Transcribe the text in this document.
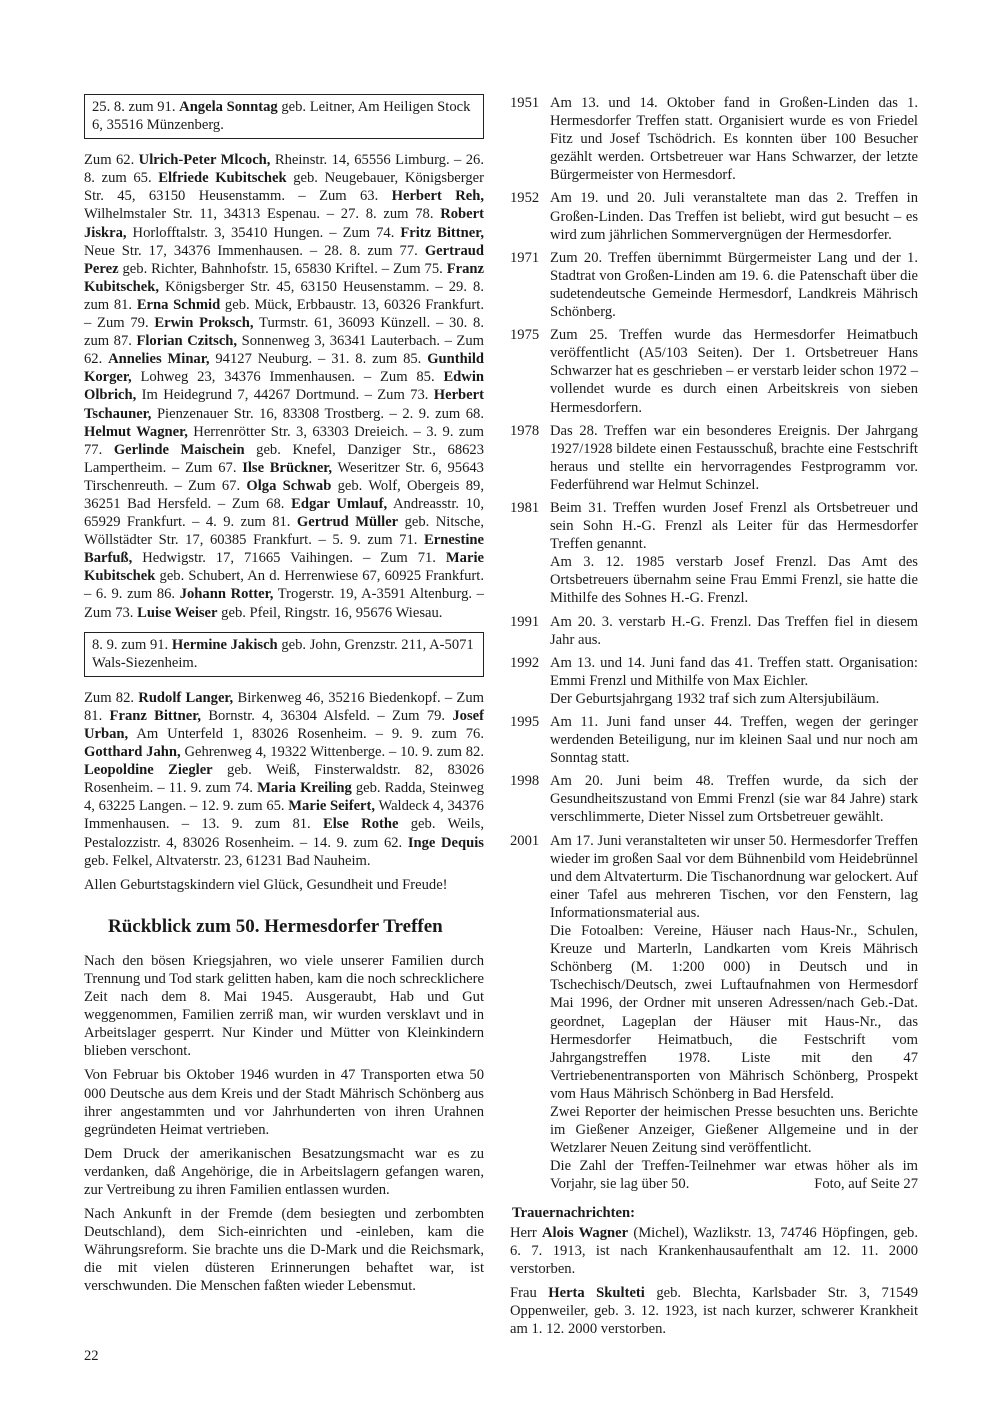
25. 8. zum 91. Angela Sonntag geb. Leitner, Am Heiligen Stock 6, 35516 Münzenberg.

Zum 62. Ulrich-Peter Mlcoch, Rheinstr. 14, 65556 Limburg. – 26. 8. zum 65. Elfriede Kubitschek geb. Neugebauer, Königsberger Str. 45, 63150 Heusenstamm. – Zum 63. Herbert Reh, Wilhelmstaler Str. 11, 34313 Espenau. – 27. 8. zum 78. Robert Jiskra, Horlofftalstr. 3, 35410 Hungen. – Zum 74. Fritz Bittner, Neue Str. 17, 34376 Immenhausen. – 28. 8. zum 77. Gertraud Perez geb. Richter, Bahnhofstr. 15, 65830 Kriftel. – Zum 75. Franz Kubitschek, Königsberger Str. 45, 63150 Heusenstamm. – 29. 8. zum 81. Erna Schmid geb. Mück, Erbbaustr. 13, 60326 Frankfurt. – Zum 79. Erwin Proksch, Turmstr. 61, 36093 Künzell. – 30. 8. zum 87. Florian Czitsch, Sonnenweg 3, 36341 Lauterbach. – Zum 62. Annelies Minar, 94127 Neuburg. – 31. 8. zum 85. Gunthild Korger, Lohweg 23, 34376 Immenhausen. – Zum 85. Edwin Olbrich, Im Heidegrund 7, 44267 Dortmund. – Zum 73. Herbert Tschauner, Pienzenauer Str. 16, 83308 Trostberg. – 2. 9. zum 68. Helmut Wagner, Herrenrötter Str. 3, 63303 Dreieich. – 3. 9. zum 77. Gerlinde Maischein geb. Knefel, Danziger Str., 68623 Lampertheim. – Zum 67. Ilse Brückner, Weseritzer Str. 6, 95643 Tirschenreuth. – Zum 67. Olga Schwab geb. Wolf, Obergeis 89, 36251 Bad Hersfeld. – Zum 68. Edgar Umlauf, Andreasstr. 10, 65929 Frankfurt. – 4. 9. zum 81. Gertrud Müller geb. Nitsche, Wöllstädter Str. 17, 60385 Frankfurt. – 5. 9. zum 71. Ernestine Barfuß, Hedwigstr. 17, 71665 Vaihingen. – Zum 71. Marie Kubitschek geb. Schubert, An d. Herrenwiese 67, 60925 Frankfurt. – 6. 9. zum 86. Johann Rotter, Trogerstr. 19, A-3591 Altenburg. – Zum 73. Luise Weiser geb. Pfeil, Ringstr. 16, 95676 Wiesau.

8. 9. zum 91. Hermine Jakisch geb. John, Grenzstr. 211, A-5071 Wals-Siezenheim.

Zum 82. Rudolf Langer, Birkenweg 46, 35216 Biedenkopf. – Zum 81. Franz Bittner, Bornstr. 4, 36304 Alsfeld. – Zum 79. Josef Urban, Am Unterfeld 1, 83026 Rosenheim. – 9. 9. zum 76. Gotthard Jahn, Gehrenweg 4, 19322 Wittenberge. – 10. 9. zum 82. Leopoldine Ziegler geb. Weiß, Finsterwaldstr. 82, 83026 Rosenheim. – 11. 9. zum 74. Maria Kreiling geb. Radda, Steinweg 4, 63225 Langen. – 12. 9. zum 65. Marie Seifert, Waldeck 4, 34376 Immenhausen. – 13. 9. zum 81. Else Rothe geb. Weils, Pestalozzistr. 4, 83026 Rosenheim. – 14. 9. zum 62. Inge Dequis geb. Felkel, Altvaterstr. 23, 61231 Bad Nauheim.

Allen Geburtstagskindern viel Glück, Gesundheit und Freude!

Rückblick zum 50. Hermesdorfer Treffen

Nach den bösen Kriegsjahren, wo viele unserer Familien durch Trennung und Tod stark gelitten haben, kam die noch schrecklichere Zeit nach dem 8. Mai 1945. Ausgeraubt, Hab und Gut weggenommen, Familien zerriß man, wir wurden versklavt und in Arbeitslager gesperrt. Nur Kinder und Mütter von Kleinkindern blieben verschont.

Von Februar bis Oktober 1946 wurden in 47 Transporten etwa 50 000 Deutsche aus dem Kreis und der Stadt Mährisch Schönberg aus ihrer angestammten und vor Jahrhunderten von ihren Urahnen gegründeten Heimat vertrieben.

Dem Druck der amerikanischen Besatzungsmacht war es zu verdanken, daß Angehörige, die in Arbeitslagern gefangen waren, zur Vertreibung zu ihren Familien entlassen wurden.

Nach Ankunft in der Fremde (dem besiegten und zerbombten Deutschland), dem Sich-einrichten und -einleben, kam die Währungsreform. Sie brachte uns die D-Mark und die Reichsmark, die mit vielen düsteren Erinnerungen behaftet war, ist verschwunden. Die Menschen faßten wieder Lebensmut.

1951 Am 13. und 14. Oktober fand in Großen-Linden das 1. Hermesdorfer Treffen statt. Organisiert wurde es von Friedel Fitz und Josef Tschödrich. Es konnten über 100 Besucher gezählt werden. Ortsbetreuer war Hans Schwarzer, der letzte Bürgermeister von Hermesdorf.

1952 Am 19. und 20. Juli veranstaltete man das 2. Treffen in Großen-Linden. Das Treffen ist beliebt, wird gut besucht – es wird zum jährlichen Sommervergnügen der Hermesdorfer.

1971 Zum 20. Treffen übernimmt Bürgermeister Lang und der 1. Stadtrat von Großen-Linden am 19. 6. die Patenschaft über die sudetendeutsche Gemeinde Hermesdorf, Landkreis Mährisch Schönberg.

1975 Zum 25. Treffen wurde das Hermesdorfer Heimatbuch veröffentlicht (A5/103 Seiten). Der 1. Ortsbetreuer Hans Schwarzer hat es geschrieben – er verstarb leider schon 1972 – vollendet wurde es durch einen Arbeitskreis von sieben Hermesdorfern.

1978 Das 28. Treffen war ein besonderes Ereignis. Der Jahrgang 1927/1928 bildete einen Festausschuß, brachte eine Festschrift heraus und stellte ein hervorragendes Festprogramm vor. Federführend war Helmut Schinzel.

1981 Beim 31. Treffen wurden Josef Frenzl als Ortsbetreuer und sein Sohn H.-G. Frenzl als Leiter für das Hermesdorfer Treffen genannt.

Am 3. 12. 1985 verstarb Josef Frenzl. Das Amt des Ortsbetreuers übernahm seine Frau Emmi Frenzl, sie hatte die Mithilfe des Sohnes H.-G. Frenzl.

1991 Am 20. 3. verstarb H.-G. Frenzl. Das Treffen fiel in diesem Jahr aus.

1992 Am 13. und 14. Juni fand das 41. Treffen statt. Organisation: Emmi Frenzl und Mithilfe von Max Eichler.

Der Geburtsjahrgang 1932 traf sich zum Altersjubiläum.

1995 Am 11. Juni fand unser 44. Treffen, wegen der geringer werdenden Beteiligung, nur im kleinen Saal und nur noch am Sonntag statt.

1998 Am 20. Juni beim 48. Treffen wurde, da sich der Gesundheitszustand von Emmi Frenzl (sie war 84 Jahre) stark verschlimmerte, Dieter Nissel zum Ortsbetreuer gewählt.

2001 Am 17. Juni veranstalteten wir unser 50. Hermesdorfer Treffen wieder im großen Saal vor dem Bühnenbild vom Heidebrünnel und dem Altvaterturm. Die Tischanordnung war gelockert. Auf einer Tafel aus mehreren Tischen, vor den Fenstern, lag Informationsmaterial aus.

Die Fotoalben: Vereine, Häuser nach Haus-Nr., Schulen, Kreuze und Marterln, Landkarten vom Kreis Mährisch Schönberg (M. 1:200 000) in Deutsch und in Tschechisch/Deutsch, zwei Luftaufnahmen von Hermesdorf Mai 1996, der Ordner mit unseren Adressen/nach Geb.-Dat. geordnet, Lageplan der Häuser mit Haus-Nr., das Hermesdorfer Heimatbuch, die Festschrift vom Jahrgangstreffen 1978. Liste mit den 47 Vertriebenentransporten von Mährisch Schönberg, Prospekt vom Haus Mährisch Schönberg in Bad Hersfeld.

Zwei Reporter der heimischen Presse besuchten uns. Berichte im Gießener Anzeiger, Gießener Allgemeine und in der Wetzlarer Neuen Zeitung sind veröffentlicht.

Die Zahl der Treffen-Teilnehmer war etwas höher als im Vorjahr, sie lag über 50.	Foto, auf Seite 27
Trauernachrichten:

Herr Alois Wagner (Michel), Wazlikstr. 13, 74746 Höpfingen, geb. 6. 7. 1913, ist nach Krankenhausaufenthalt am 12. 11. 2000 verstorben.

Frau Herta Skulteti geb. Blechta, Karlsbader Str. 3, 71549 Oppenweiler, geb. 3. 12. 1923, ist nach kurzer, schwerer Krankheit am 1. 12. 2000 verstorben.

22
